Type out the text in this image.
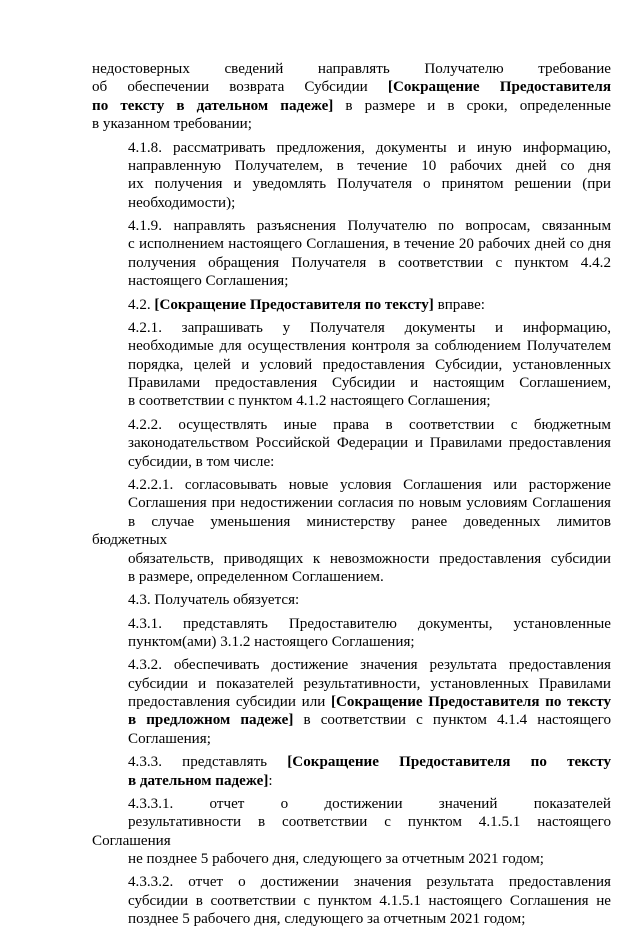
недостоверных сведений направлять Получателю требование
об обеспечении возврата Субсидии [Сокращение Предоставителя
по тексту в дательном падеже] в размере и в сроки, определенные
в указанном требовании;
4.1.8. рассматривать предложения, документы и иную информацию,
направленную Получателем, в течение 10 рабочих дней со дня
их получения и уведомлять Получателя о принятом решении (при
необходимости);
4.1.9. направлять разъяснения Получателю по вопросам, связанным
с исполнением настоящего Соглашения, в течение 20 рабочих дней со дня
получения обращения Получателя в соответствии с пунктом 4.4.2
настоящего Соглашения;
4.2. [Сокращение Предоставителя по тексту] вправе:
4.2.1. запрашивать у Получателя документы и информацию,
необходимые для осуществления контроля за соблюдением Получателем
порядка, целей и условий предоставления Субсидии, установленных
Правилами предоставления Субсидии и настоящим Соглашением,
в соответствии с пунктом 4.1.2 настоящего Соглашения;
4.2.2. осуществлять иные права в соответствии с бюджетным
законодательством Российской Федерации и Правилами предоставления
субсидии, в том числе:
4.2.2.1. согласовывать новые условия Соглашения или расторжение
Соглашения при недостижении согласия по новым условиям Соглашения
в случае уменьшения министерству ранее доведенных лимитов бюджетных
обязательств, приводящих к невозможности предоставления субсидии
в размере, определенном Соглашением.
4.3. Получатель обязуется:
4.3.1. представлять Предоставителю документы, установленные
пунктом(ами) 3.1.2 настоящего Соглашения;
4.3.2. обеспечивать достижение значения результата предоставления
субсидии и показателей результативности, установленных Правилами
предоставления субсидии или [Сокращение Предоставителя по тексту
в предложном падеже] в соответствии с пунктом 4.1.4 настоящего
Соглашения;
4.3.3. представлять [Сокращение Предоставителя по тексту
в дательном падеже]:
4.3.3.1. отчет о достижении значений показателей
результативности в соответствии с пунктом 4.1.5.1 настоящего Соглашения
не позднее 5 рабочего дня, следующего за отчетным 2021 годом;
4.3.3.2. отчет о достижении значения результата предоставления
субсидии в соответствии с пунктом 4.1.5.1 настоящего Соглашения не
позднее 5 рабочего дня, следующего за отчетным 2021 годом;
